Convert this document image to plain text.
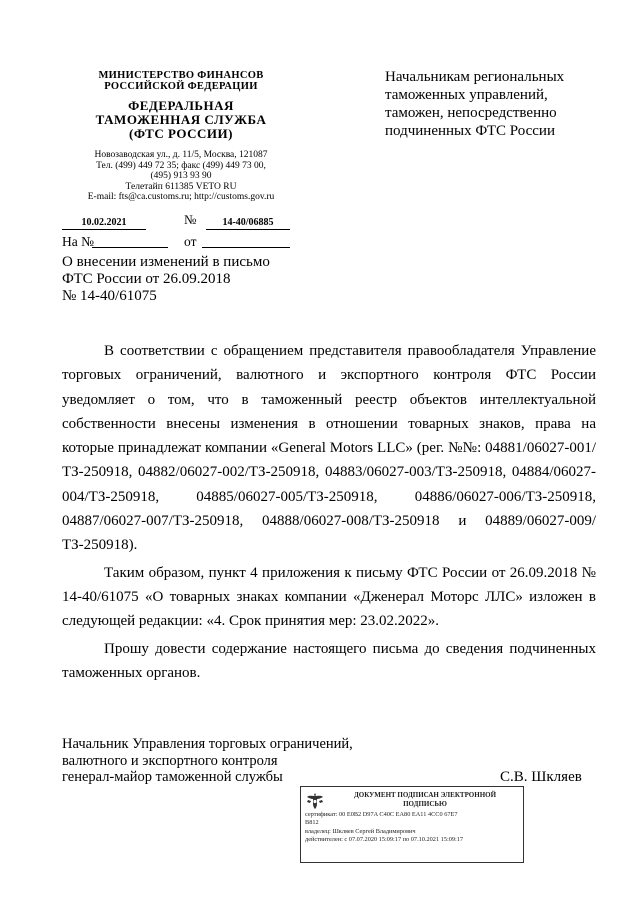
МИНИСТЕРСТВО ФИНАНСОВ
РОССИЙСКОЙ ФЕДЕРАЦИИ
ФЕДЕРАЛЬНАЯ
ТАМОЖЕННАЯ СЛУЖБА
(ФТС РОССИИ)
Новозаводская ул., д. 11/5, Москва, 121087
Тел. (499) 449 72 35; факс (499) 449 73 00,
(495) 913 93 90
Телетайп 611385 VETO RU
E-mail: fts@ca.customs.ru; http://customs.gov.ru
10.02.2021	№	14-40/06885
На №	от
О внесении изменений в письмо
ФТС России от 26.09.2018
№ 14-40/61075
Начальникам региональных
таможенных управлений,
таможен, непосредственно
подчиненных ФТС России

В соответствии с обращением представителя правообладателя Управление торговых ограничений, валютного и экспортного контроля ФТС России уведомляет о том, что в таможенный реестр объектов интеллектуальной собственности внесены изменения в отношении товарных знаков, права на которые принадлежат компании «General Motors LLC» (рег. №№: 04881/06027-001/ТЗ-250918, 04882/06027-002/ТЗ-250918, 04883/06027-003/ТЗ-250918, 04884/06027-004/ТЗ-250918, 04885/06027-005/ТЗ-250918, 04886/06027-006/ТЗ-250918, 04887/06027-007/ТЗ-250918, 04888/06027-008/ТЗ-250918 и 04889/06027-009/ТЗ-250918).

Таким образом, пункт 4 приложения к письму ФТС России от 26.09.2018 № 14-40/61075 «О товарных знаках компании «Дженерал Моторс ЛЛС» изложен в следующей редакции: «4. Срок принятия мер: 23.02.2022».

Прошу довести содержание настоящего письма до сведения подчиненных таможенных органов.

Начальник Управления торговых ограничений,
валютного и экспортного контроля
генерал-майор таможенной службы	С.В. Шкляев
ДОКУМЕНТ ПОДПИСАН ЭЛЕКТРОННОЙ
ПОДПИСЬЮ
сертификат: 00 E0B2 D97A C40C EA80 EA11 4CC0 67E7
B812
владелец: Шкляев Сергей Владимирович
действителен: с 07.07.2020 15:09:17 по 07.10.2021 15:09:17
